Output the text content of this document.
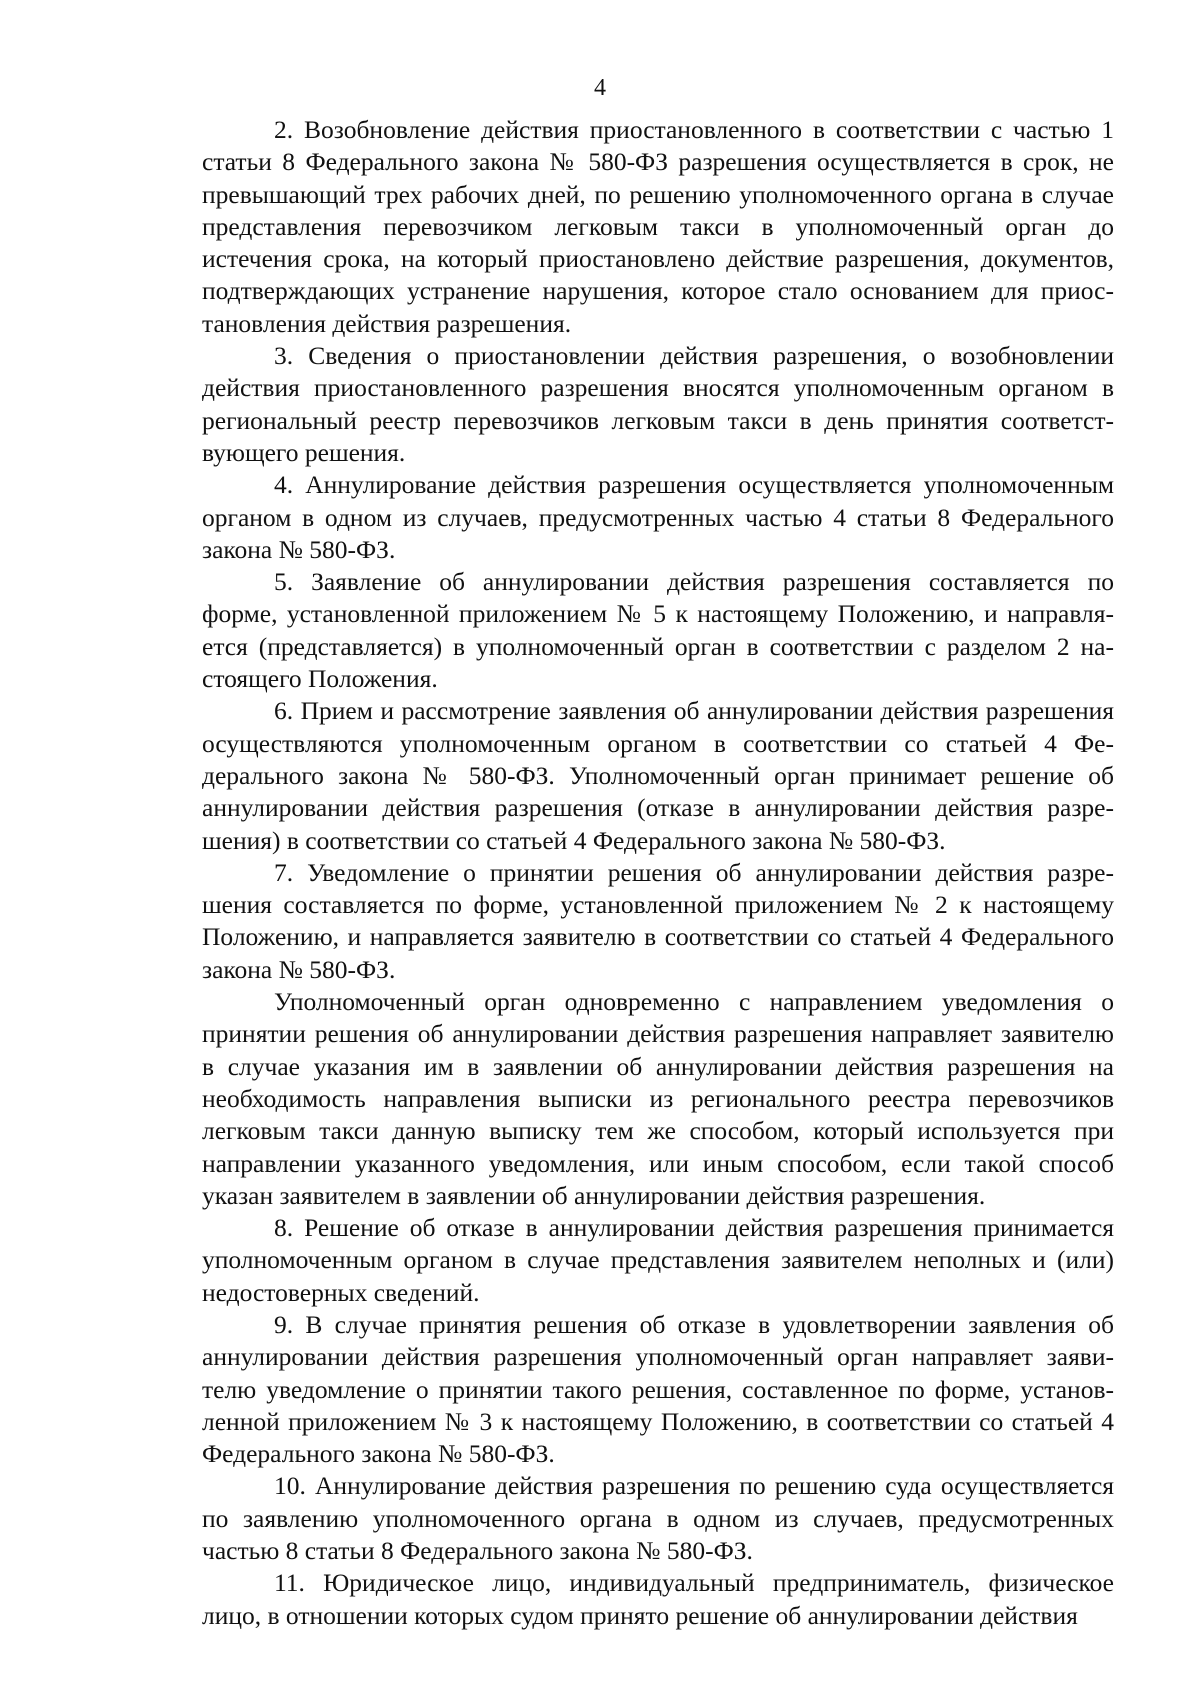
4

2. Возобновление действия приостановленного в соответствии с частью 1 статьи 8 Федерального закона № 580-ФЗ разрешения осуществляется в срок, не превышающий трех рабочих дней, по решению уполномоченного органа в случае представления перевозчиком легковым такси в уполномоченный орган до истечения срока, на который приостановлено действие разрешения, документов, подтверждающих устранение нарушения, которое стало основанием для приостановления действия разрешения.

3. Сведения о приостановлении действия разрешения, о возобновлении действия приостановленного разрешения вносятся уполномоченным органом в региональный реестр перевозчиков легковым такси в день принятия соответствующего решения.

4. Аннулирование действия разрешения осуществляется уполномоченным органом в одном из случаев, предусмотренных частью 4 статьи 8 Федерального закона № 580-ФЗ.

5. Заявление об аннулировании действия разрешения составляется по форме, установленной приложением № 5 к настоящему Положению, и направляется (представляется) в уполномоченный орган в соответствии с разделом 2 настоящего Положения.

6. Прием и рассмотрение заявления об аннулировании действия разрешения осуществляются уполномоченным органом в соответствии со статьей 4 Федерального закона № 580-ФЗ. Уполномоченный орган принимает решение об аннулировании действия разрешения (отказе в аннулировании действия разрешения) в соответствии со статьей 4 Федерального закона № 580-ФЗ.

7. Уведомление о принятии решения об аннулировании действия разрешения составляется по форме, установленной приложением № 2 к настоящему Положению, и направляется заявителю в соответствии со статьей 4 Федерального закона № 580-ФЗ.

Уполномоченный орган одновременно с направлением уведомления о принятии решения об аннулировании действия разрешения направляет заявителю в случае указания им в заявлении об аннулировании действия разрешения на необходимость направления выписки из регионального реестра перевозчиков легковым такси данную выписку тем же способом, который используется при направлении указанного уведомления, или иным способом, если такой способ указан заявителем в заявлении об аннулировании действия разрешения.

8. Решение об отказе в аннулировании действия разрешения принимается уполномоченным органом в случае представления заявителем неполных и (или) недостоверных сведений.

9. В случае принятия решения об отказе в удовлетворении заявления об аннулировании действия разрешения уполномоченный орган направляет заявителю уведомление о принятии такого решения, составленное по форме, установленной приложением № 3 к настоящему Положению, в соответствии со статьей 4 Федерального закона № 580-ФЗ.

10. Аннулирование действия разрешения по решению суда осуществляется по заявлению уполномоченного органа в одном из случаев, предусмотренных частью 8 статьи 8 Федерального закона № 580-ФЗ.

11. Юридическое лицо, индивидуальный предприниматель, физическое лицо, в отношении которых судом принято решение об аннулировании действия
